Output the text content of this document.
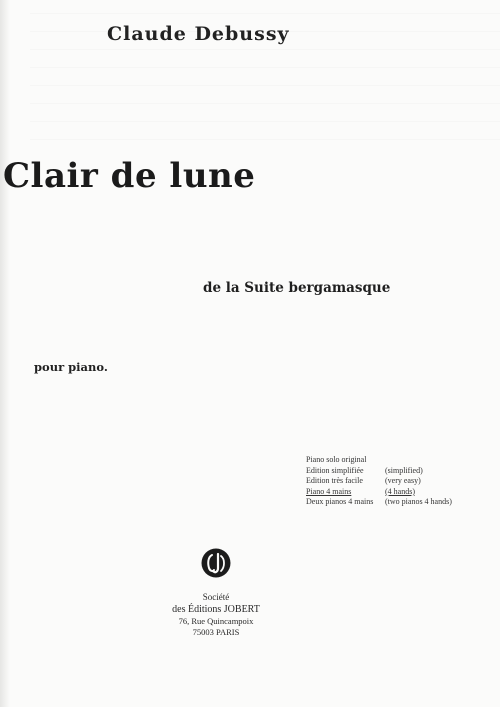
Claude Debussy
Clair de lune
de la Suite bergamasque
pour piano.
Piano solo original
Edition simplifiée	(simplified)
Edition très facile	(very easy)
Piano 4 mains	(4 hands)
Deux pianos 4 mains	(two pianos 4 hands)
Société
des Éditions JOBERT
76, Rue Quincampoix
75003 PARIS
